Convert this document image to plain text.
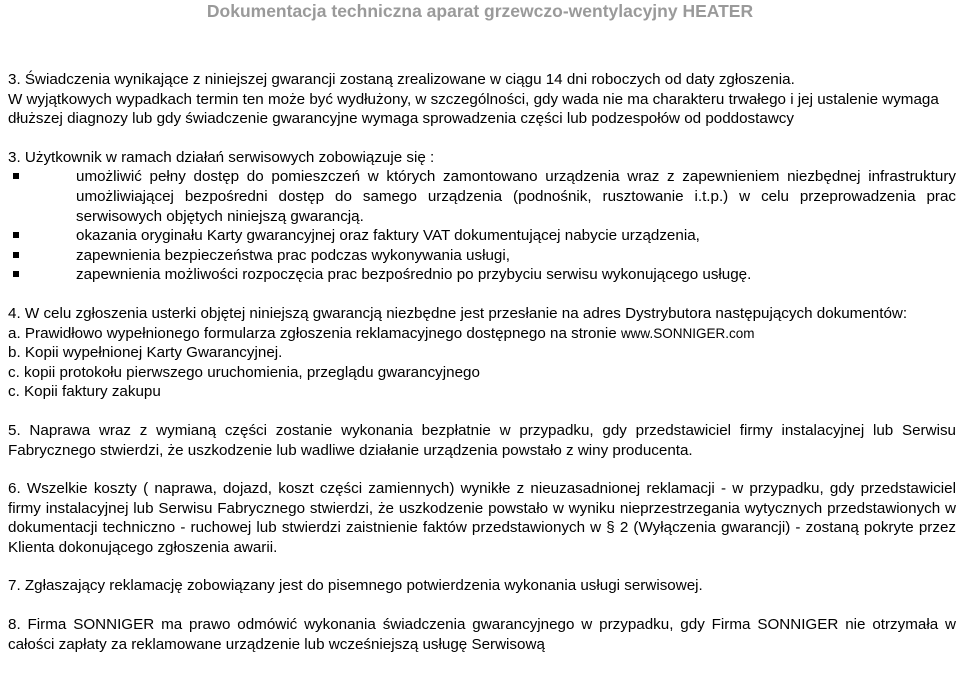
Dokumentacja techniczna aparat grzewczo-wentylacyjny HEATER
3. Świadczenia wynikające z niniejszej gwarancji zostaną zrealizowane w ciągu 14 dni roboczych od daty zgłoszenia.
W wyjątkowych wypadkach termin ten może być wydłużony, w szczególności, gdy wada nie ma charakteru trwałego i jej ustalenie wymaga dłuższej diagnozy lub gdy świadczenie gwarancyjne wymaga sprowadzenia części lub podzespołów od poddostawcy
3. Użytkownik w ramach działań serwisowych zobowiązuje się :
umożliwić pełny dostęp do pomieszczeń w których zamontowano urządzenia wraz z zapewnieniem niezbędnej infrastruktury umożliwiającej bezpośredni dostęp do samego urządzenia (podnośnik, rusztowanie i.t.p.) w celu przeprowadzenia prac serwisowych objętych niniejszą gwarancją.
okazania oryginału Karty gwarancyjnej oraz faktury VAT dokumentującej nabycie urządzenia,
zapewnienia bezpieczeństwa prac podczas wykonywania usługi,
zapewnienia możliwości rozpoczęcia prac bezpośrednio po przybyciu serwisu wykonującego usługę.
4. W celu zgłoszenia usterki objętej niniejszą gwarancją niezbędne jest przesłanie na adres Dystrybutora następujących dokumentów:
a. Prawidłowo wypełnionego formularza zgłoszenia reklamacyjnego dostępnego na stronie www.SONNIGER.com
b. Kopii wypełnionej Karty Gwarancyjnej.
c. kopii protokołu pierwszego uruchomienia, przeglądu gwarancyjnego
c. Kopii faktury zakupu
5. Naprawa wraz z wymianą części zostanie wykonania bezpłatnie w przypadku, gdy przedstawiciel firmy instalacyjnej lub Serwisu Fabrycznego stwierdzi, że uszkodzenie lub wadliwe działanie urządzenia powstało z winy producenta.
6. Wszelkie koszty ( naprawa, dojazd, koszt części zamiennych) wynikłe z nieuzasadnionej reklamacji - w przypadku, gdy przedstawiciel firmy instalacyjnej lub Serwisu Fabrycznego stwierdzi, że uszkodzenie powstało w wyniku nieprzestrzegania wytycznych przedstawionych w dokumentacji techniczno - ruchowej lub stwierdzi zaistnienie faktów przedstawionych w § 2 (Wyłączenia gwarancji) - zostaną pokryte przez Klienta dokonującego zgłoszenia awarii.
7. Zgłaszający reklamację zobowiązany jest do pisemnego potwierdzenia wykonania usługi serwisowej.
8. Firma SONNIGER ma prawo odmówić wykonania świadczenia gwarancyjnego w przypadku, gdy Firma SONNIGER nie otrzymała w całości zapłaty za reklamowane urządzenie lub wcześniejszą usługę Serwisową
